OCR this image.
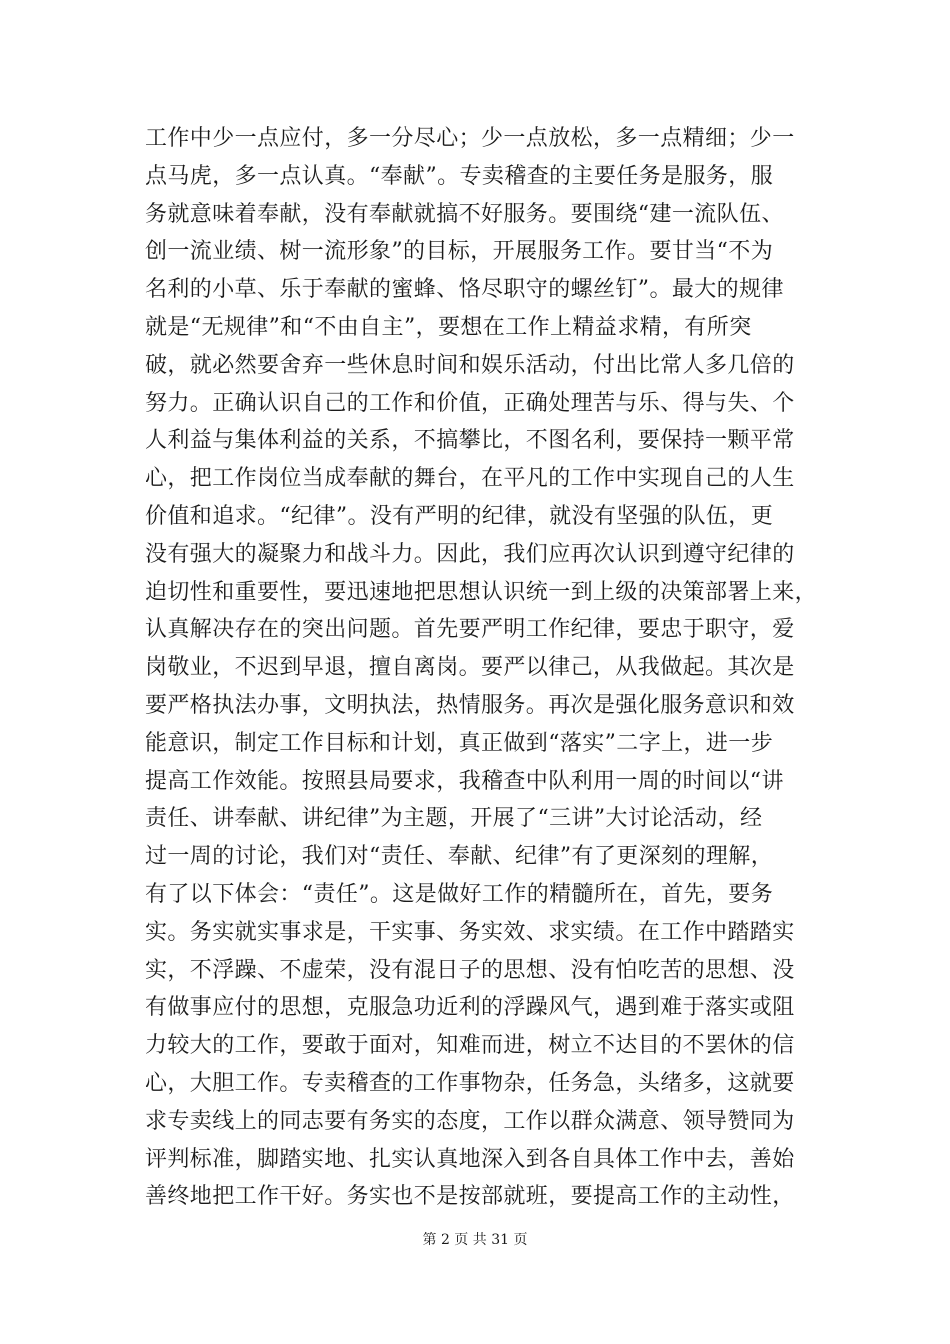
工作中少一点应付，多一分尽心；少一点放松，多一点精细；少一
点马虎，多一点认真。“奉献”。专卖稽查的主要任务是服务，服
务就意味着奉献，没有奉献就搞不好服务。要围绕“建一流队伍、
创一流业绩、树一流形象”的目标，开展服务工作。要甘当“不为
名利的小草、乐于奉献的蜜蜂、恪尽职守的螺丝钉”。最大的规律
就是“无规律”和“不由自主”，要想在工作上精益求精，有所突
破，就必然要舍弃一些休息时间和娱乐活动，付出比常人多几倍的
努力。正确认识自己的工作和价值，正确处理苦与乐、得与失、个
人利益与集体利益的关系，不搞攀比，不图名利，要保持一颗平常
心，把工作岗位当成奉献的舞台，在平凡的工作中实现自己的人生
价值和追求。“纪律”。没有严明的纪律，就没有坚强的队伍，更
没有强大的凝聚力和战斗力。因此，我们应再次认识到遵守纪律的
迫切性和重要性，要迅速地把思想认识统一到上级的决策部署上来，
认真解决存在的突出问题。首先要严明工作纪律，要忠于职守，爱
岗敬业，不迟到早退，擅自离岗。要严以律己，从我做起。其次是
要严格执法办事，文明执法，热情服务。再次是强化服务意识和效
能意识，制定工作目标和计划，真正做到“落实”二字上，进一步
提高工作效能。按照县局要求，我稽查中队利用一周的时间以“讲
责任、讲奉献、讲纪律”为主题，开展了“三讲”大讨论活动，经
过一周的讨论，我们对“责任、奉献、纪律”有了更深刻的理解，
有了以下体会：“责任”。这是做好工作的精髓所在，首先，要务
实。务实就实事求是，干实事、务实效、求实绩。在工作中踏踏实
实，不浮躁、不虚荣，没有混日子的思想、没有怕吃苦的思想、没
有做事应付的思想，克服急功近利的浮躁风气，遇到难于落实或阻
力较大的工作，要敢于面对，知难而进，树立不达目的不罢休的信
心，大胆工作。专卖稽查的工作事物杂，任务急，头绪多，这就要
求专卖线上的同志要有务实的态度，工作以群众满意、领导赞同为
评判标准，脚踏实地、扎实认真地深入到各自具体工作中去，善始
善终地把工作干好。务实也不是按部就班，要提高工作的主动性，
第 2 页 共 31 页
